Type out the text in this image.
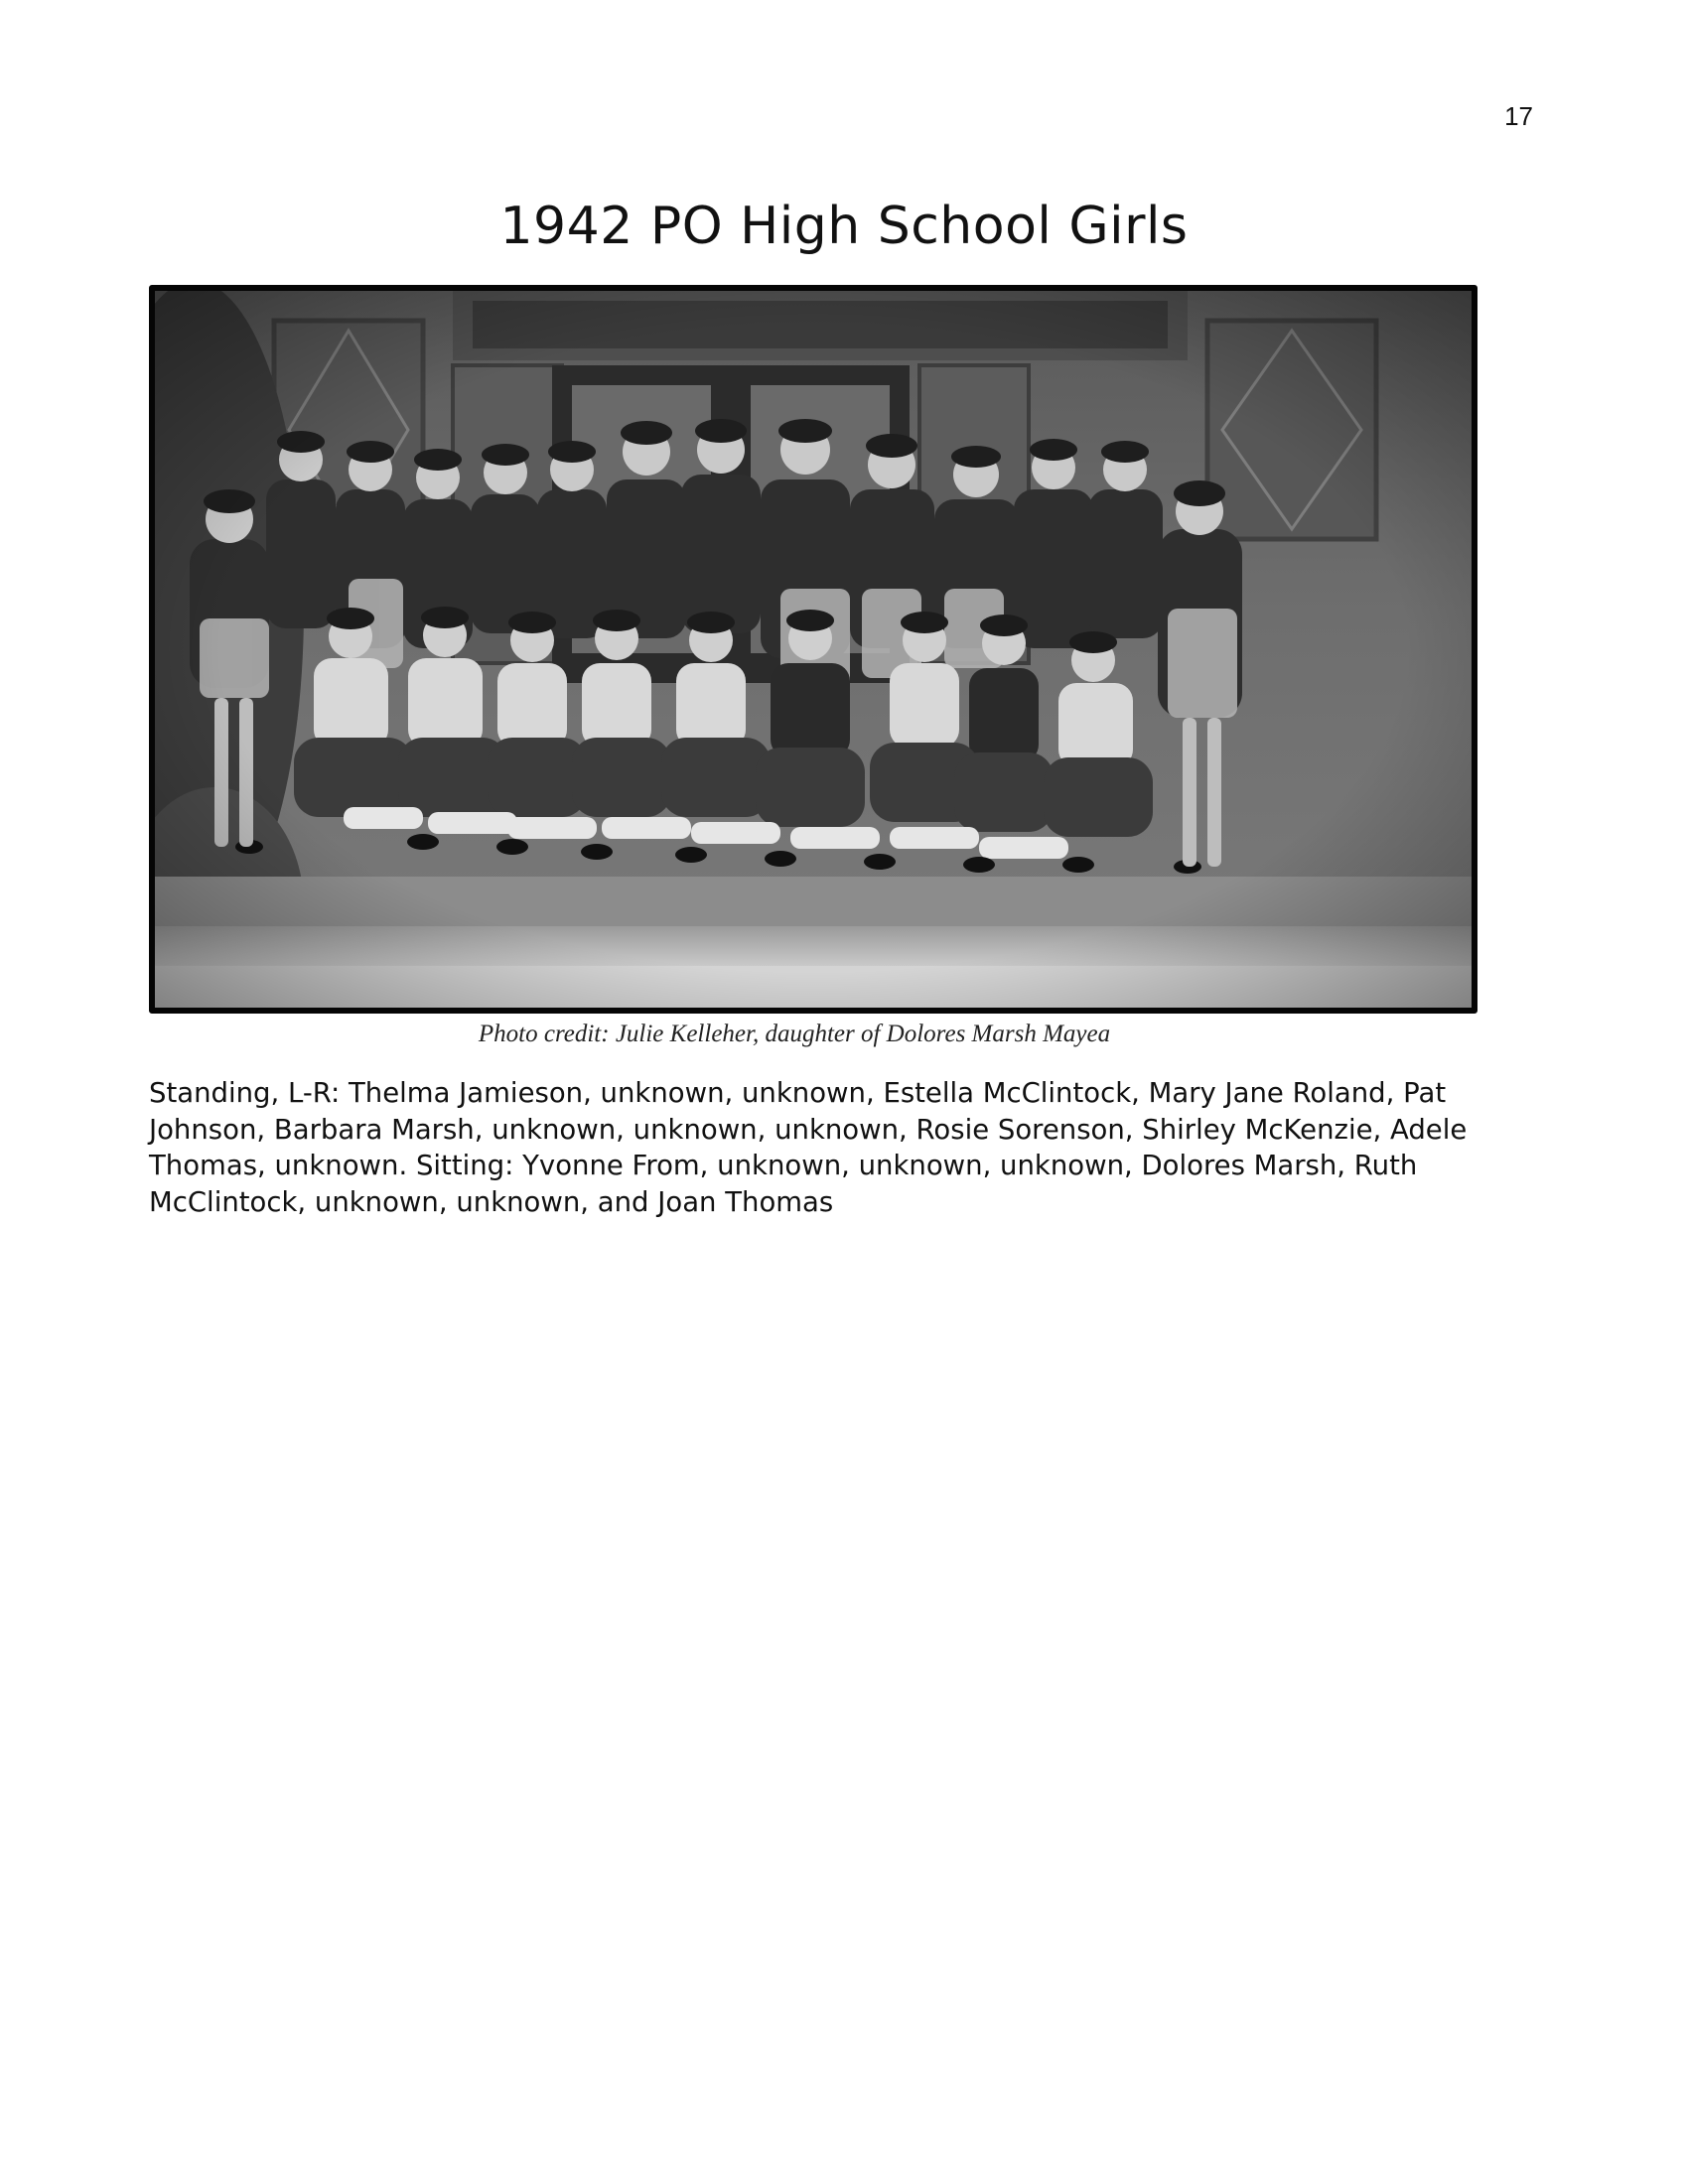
17
1942 PO High School Girls
Photo credit: Julie Kelleher, daughter of Dolores Marsh Mayea
Standing, L-R: Thelma Jamieson, unknown, unknown, Estella McClintock, Mary Jane Roland, Pat
Johnson, Barbara Marsh, unknown, unknown, unknown, Rosie Sorenson, Shirley McKenzie, Adele
Thomas, unknown. Sitting: Yvonne From, unknown, unknown, unknown, Dolores Marsh, Ruth
McClintock, unknown, unknown, and Joan Thomas
